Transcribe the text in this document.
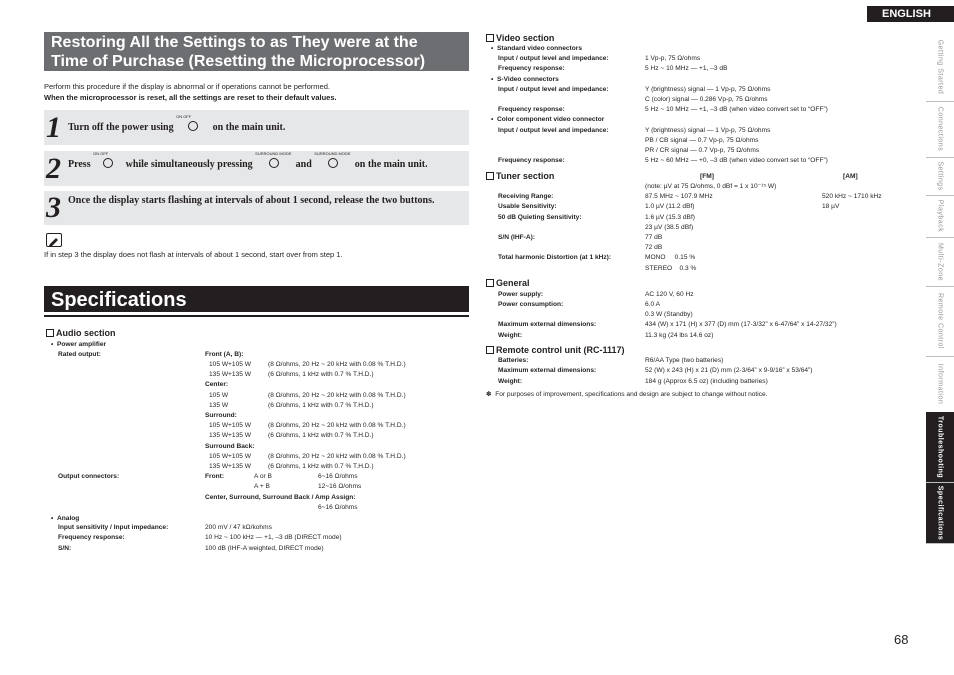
ENGLISH
Getting Started
Connections
Settings
Playback
Multi-Zone
Remote Control
Information
Troubleshooting
Specifications
68
Restoring All the Settings to as They were at the
Time of Purchase (Resetting the Microprocessor)
Perform this procedure if the display is abnormal or if operations cannot be performed.
When the microprocessor is reset, all the settings are reset to their default values.
1 Turn off the power using
ON OFF
on the main unit.
2 Press
ON OFF
while simultaneously pressing
SURROUND MODE
and
SURROUND MODE
on the main unit.
3 Once the display starts flashing at intervals of about 1 second, release the two buttons.
If in step 3 the display does not flash at intervals of about 1 second, start over from step 1.
Specifications
Audio section
•  Power amplifier
Rated output:	Front (A, B):
105 W+105 W	(8 Ω/ohms, 20 Hz ~ 20 kHz with 0.08 % T.H.D.)
135 W+135 W	(6 Ω/ohms, 1 kHz with 0.7 % T.H.D.)
Center:
105 W	(8 Ω/ohms, 20 Hz ~ 20 kHz with 0.08 % T.H.D.)
135 W	(6 Ω/ohms, 1 kHz with 0.7 % T.H.D.)
Surround:
105 W+105 W	(8 Ω/ohms, 20 Hz ~ 20 kHz with 0.08 % T.H.D.)
135 W+135 W	(6 Ω/ohms, 1 kHz with 0.7 % T.H.D.)
Surround Back:
105 W+105 W	(8 Ω/ohms, 20 Hz ~ 20 kHz with 0.08 % T.H.D.)
135 W+135 W	(6 Ω/ohms, 1 kHz with 0.7 % T.H.D.)
Output connectors:	Front:	A or B	6~16 Ω/ohms
A + B	12~16 Ω/ohms
Center, Surround, Surround Back / Amp Assign:
6~16 Ω/ohms
•  Analog
Input sensitivity / Input impedance:	200 mV / 47 kΩ/kohms
Frequency response:	10 Hz ~ 100 kHz — +1, –3 dB (DIRECT mode)
S/N:	100 dB (IHF-A weighted, DIRECT mode)
Video section
•  Standard video connectors
Input / output level and impedance:	1 Vp-p, 75 Ω/ohms
Frequency response:	5 Hz ~ 10 MHz — +1, –3 dB
•  S-Video connectors
Input / output level and impedance:	Y (brightness) signal — 1 Vp-p, 75 Ω/ohms
C (color) signal — 0.286 Vp-p, 75 Ω/ohms
Frequency response:	5 Hz ~ 10 MHz — +1, –3 dB (when video convert set to “OFF”)
•  Color component video connector
Input / output level and impedance:	Y (brightness) signal — 1 Vp-p, 75 Ω/ohms
PB / CB signal — 0.7 Vp-p, 75 Ω/ohms
PR / CR signal — 0.7 Vp-p, 75 Ω/ohms
Frequency response:	5 Hz ~ 60 MHz — +0, –3 dB (when video convert set to “OFF”)
Tuner section	[FM]	[AM]
(note: µV at 75 Ω/ohms, 0 dBf = 1 x 10⁻¹⁵ W)
Receiving Range:	87.5 MHz ~ 107.9 MHz	520 kHz ~ 1710 kHz
Usable Sensitivity:	1.0 µV (11.2 dBf)	18 µV
50 dB Quieting Sensitivity:	1.6 µV (15.3 dBf)
23 µV (38.5 dBf)
S/N (IHF-A):	77 dB
72 dB
Total harmonic Distortion (at 1 kHz):	MONO     0.15 %
STEREO    0.3 %
General
Power supply:	AC 120 V, 60 Hz
Power consumption:	6.0 A
0.3 W (Standby)
Maximum external dimensions:	434 (W) x 171 (H) x 377 (D) mm (17-3/32” x 6-47/64” x 14-27/32”)
Weight:	11.3 kg (24 lbs 14.6 oz)
Remote control unit (RC-1117)
Batteries:	R6/AA Type (two batteries)
Maximum external dimensions:	52 (W) x 243 (H) x 21 (D) mm (2-3/64” x 9-9/16” x 53/64”)
Weight:	184 g (Approx 6.5 oz) (including batteries)
✽  For purposes of improvement, specifications and design are subject to change without notice.
